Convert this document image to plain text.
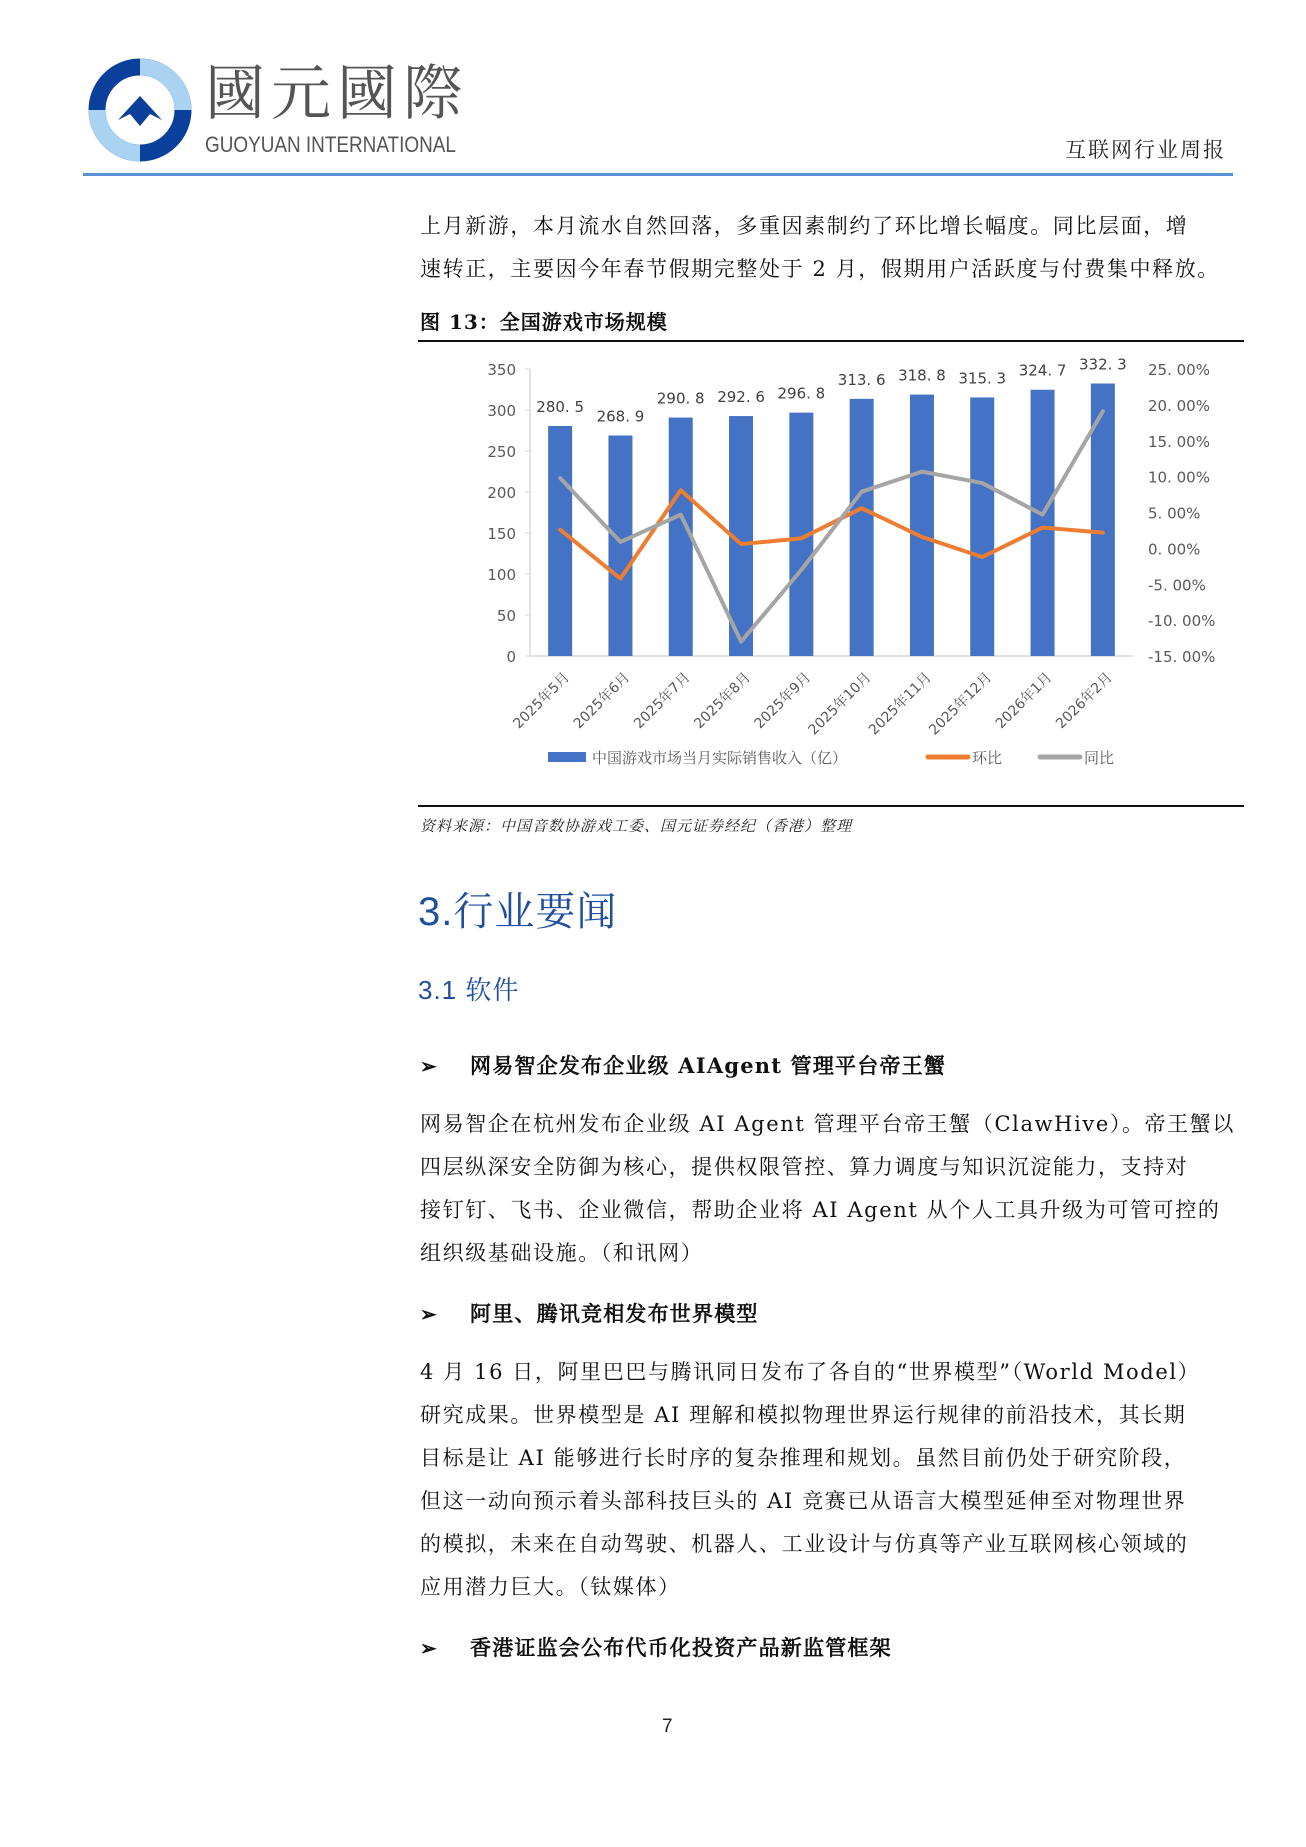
國元國際
GUOYUAN INTERNATIONAL	互联网行业周报
上月新游，本月流水自然回落，多重因素制约了环比增长幅度。同比层面，增
速转正，主要因今年春节假期完整处于 2 月，假期用户活跃度与付费集中释放。
图 13：全国游戏市场规模
350
300
250
200
150
100
50
0
25. 00%
20. 00%
15. 00%
10. 00%
5. 00%
0. 00%
-5. 00%
-10. 00%
-15. 00%
280. 5
268. 9
290. 8 292. 6 296. 8
313. 6 318. 8 315. 3 324. 7 332. 3
2025年5月
2025年6月
2025年7月
2025年8月
2025年9月
2025年10月
2025年11月
2025年12月
2026年1月
2026年2月
中国游戏市场当月实际销售收入（亿）	环比	同比
资料来源：中国音数协游戏工委、国元证券经纪（香港）整理
3.行业要闻
3.1 软件
➢ 网易智企发布企业级 AIAgent 管理平台帝王蟹
网易智企在杭州发布企业级 AI Agent 管理平台帝王蟹（ClawHive）。帝王蟹以
四层纵深安全防御为核心，提供权限管控、算力调度与知识沉淀能力，支持对
接钉钉、飞书、企业微信，帮助企业将 AI Agent 从个人工具升级为可管可控的
组织级基础设施。（和讯网）
➢ 阿里、腾讯竞相发布世界模型
4 月 16 日，阿里巴巴与腾讯同日发布了各自的“世界模型”（World Model）
研究成果。世界模型是 AI 理解和模拟物理世界运行规律的前沿技术，其长期
目标是让 AI 能够进行长时序的复杂推理和规划。虽然目前仍处于研究阶段，
但这一动向预示着头部科技巨头的 AI 竞赛已从语言大模型延伸至对物理世界
的模拟，未来在自动驾驶、机器人、工业设计与仿真等产业互联网核心领域的
应用潜力巨大。（钛媒体）
➢ 香港证监会公布代币化投资产品新监管框架
7
